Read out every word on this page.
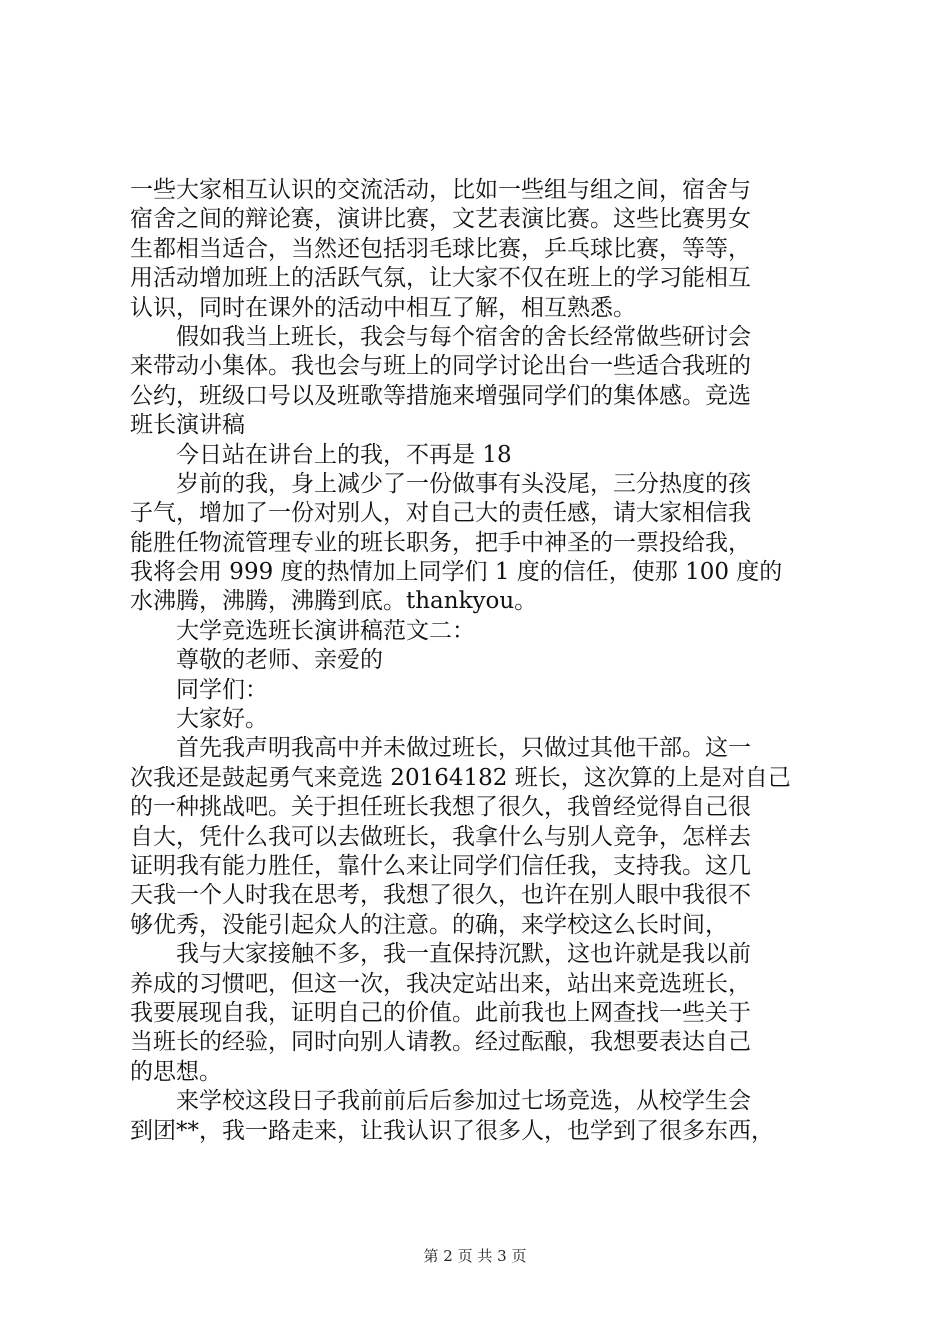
一些大家相互认识的交流活动，比如一些组与组之间，宿舍与
宿舍之间的辩论赛，演讲比赛，文艺表演比赛。这些比赛男女
生都相当适合，当然还包括羽毛球比赛，乒乓球比赛，等等，
用活动增加班上的活跃气氛，让大家不仅在班上的学习能相互
认识，同时在课外的活动中相互了解，相互熟悉。
假如我当上班长，我会与每个宿舍的舍长经常做些研讨会
来带动小集体。我也会与班上的同学讨论出台一些适合我班的
公约，班级口号以及班歌等措施来增强同学们的集体感。竞选
班长演讲稿
今日站在讲台上的我，不再是 18
岁前的我，身上减少了一份做事有头没尾，三分热度的孩
子气，增加了一份对别人，对自己大的责任感，请大家相信我
能胜任物流管理专业的班长职务，把手中神圣的一票投给我，
我将会用 999 度的热情加上同学们 1 度的信任，使那 100 度的
水沸腾，沸腾，沸腾到底。thankyou。
大学竞选班长演讲稿范文二：
尊敬的老师、亲爱的
同学们：
大家好。
首先我声明我高中并未做过班长，只做过其他干部。这一
次我还是鼓起勇气来竞选 20164182 班长，这次算的上是对自己
的一种挑战吧。关于担任班长我想了很久，我曾经觉得自己很
自大，凭什么我可以去做班长，我拿什么与别人竞争，怎样去
证明我有能力胜任，靠什么来让同学们信任我，支持我。这几
天我一个人时我在思考，我想了很久，也许在别人眼中我很不
够优秀，没能引起众人的注意。的确，来学校这么长时间，
我与大家接触不多，我一直保持沉默，这也许就是我以前
养成的习惯吧，但这一次，我决定站出来，站出来竞选班长，
我要展现自我，证明自己的价值。此前我也上网查找一些关于
当班长的经验，同时向别人请教。经过酝酿，我想要表达自己
的思想。
来学校这段日子我前前后后参加过七场竞选，从校学生会
到团**，我一路走来，让我认识了很多人，也学到了很多东西，
第 2 页 共 3 页
